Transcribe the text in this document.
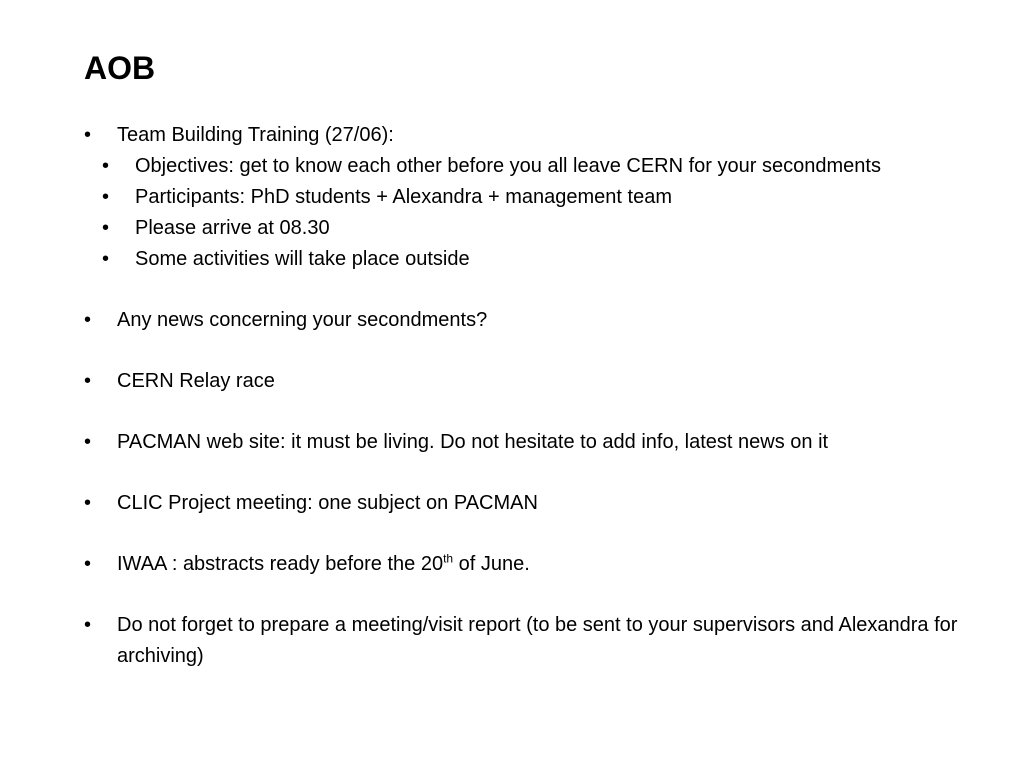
AOB
•	Team Building Training (27/06):
•	Objectives: get to know each other before you all leave CERN for your secondments
•	Participants: PhD students + Alexandra + management team
•	Please arrive at 08.30
•	Some activities will take place outside
•	Any news concerning your secondments?
•	CERN Relay race
•	PACMAN web site: it must be living. Do not hesitate to add info, latest news on it
•	CLIC Project meeting: one subject on PACMAN
•	IWAA : abstracts ready before the 20th of June.
•	Do not forget to prepare a meeting/visit report (to be sent to your supervisors and Alexandra for archiving)
